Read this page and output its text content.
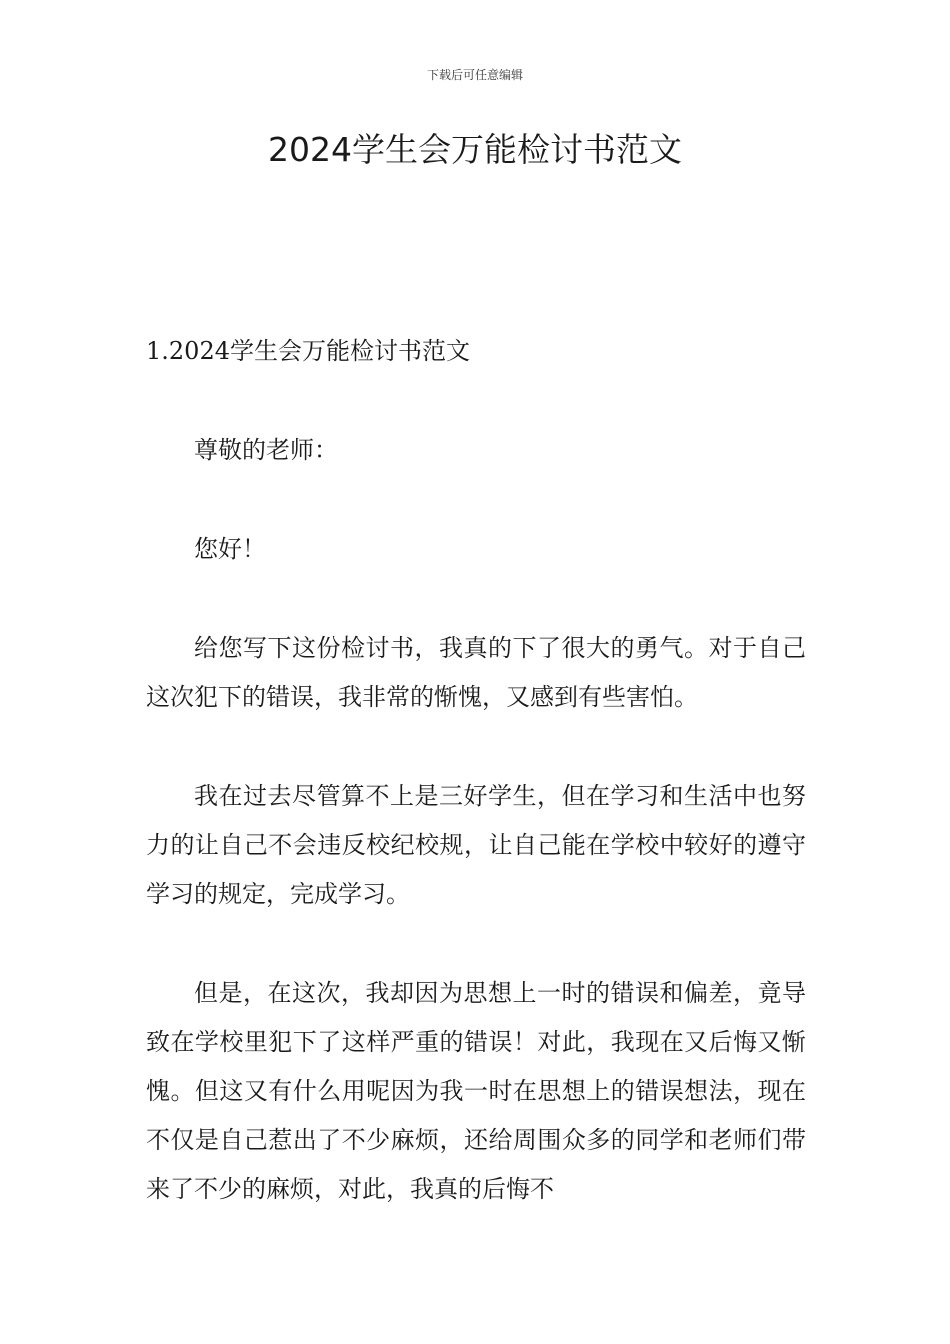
下载后可任意编辑
2024学生会万能检讨书范文

1.2024学生会万能检讨书范文

尊敬的老师：

您好！

给您写下这份检讨书，我真的下了很大的勇气。对于自己这次犯下的错误，我非常的惭愧，又感到有些害怕。

我在过去尽管算不上是三好学生，但在学习和生活中也努力的让自己不会违反校纪校规，让自己能在学校中较好的遵守学习的规定，完成学习。

但是，在这次，我却因为思想上一时的错误和偏差，竟导致在学校里犯下了这样严重的错误！对此，我现在又后悔又惭愧。但这又有什么用呢因为我一时在思想上的错误想法，现在不仅是自己惹出了不少麻烦，还给周围众多的同学和老师们带来了不少的麻烦，对此，我真的后悔不
